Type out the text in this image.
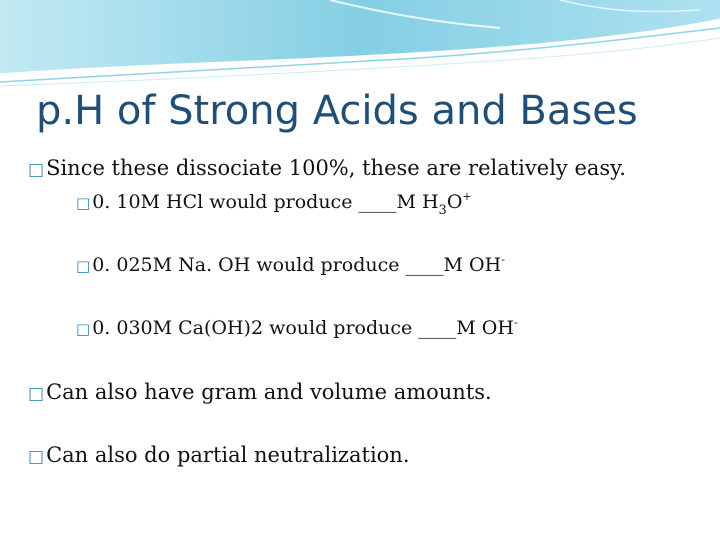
p.H of Strong Acids and Bases
□ Since these dissociate 100%, these are relatively easy.
□ 0. 10M HCl would produce ____M H 3 O +
□ 0. 025M Na. OH would produce ____M OH -
□ 0. 030M Ca(OH)2 would produce ____M OH -
□ Can also have gram and volume amounts.
□ Can also do partial neutralization.
